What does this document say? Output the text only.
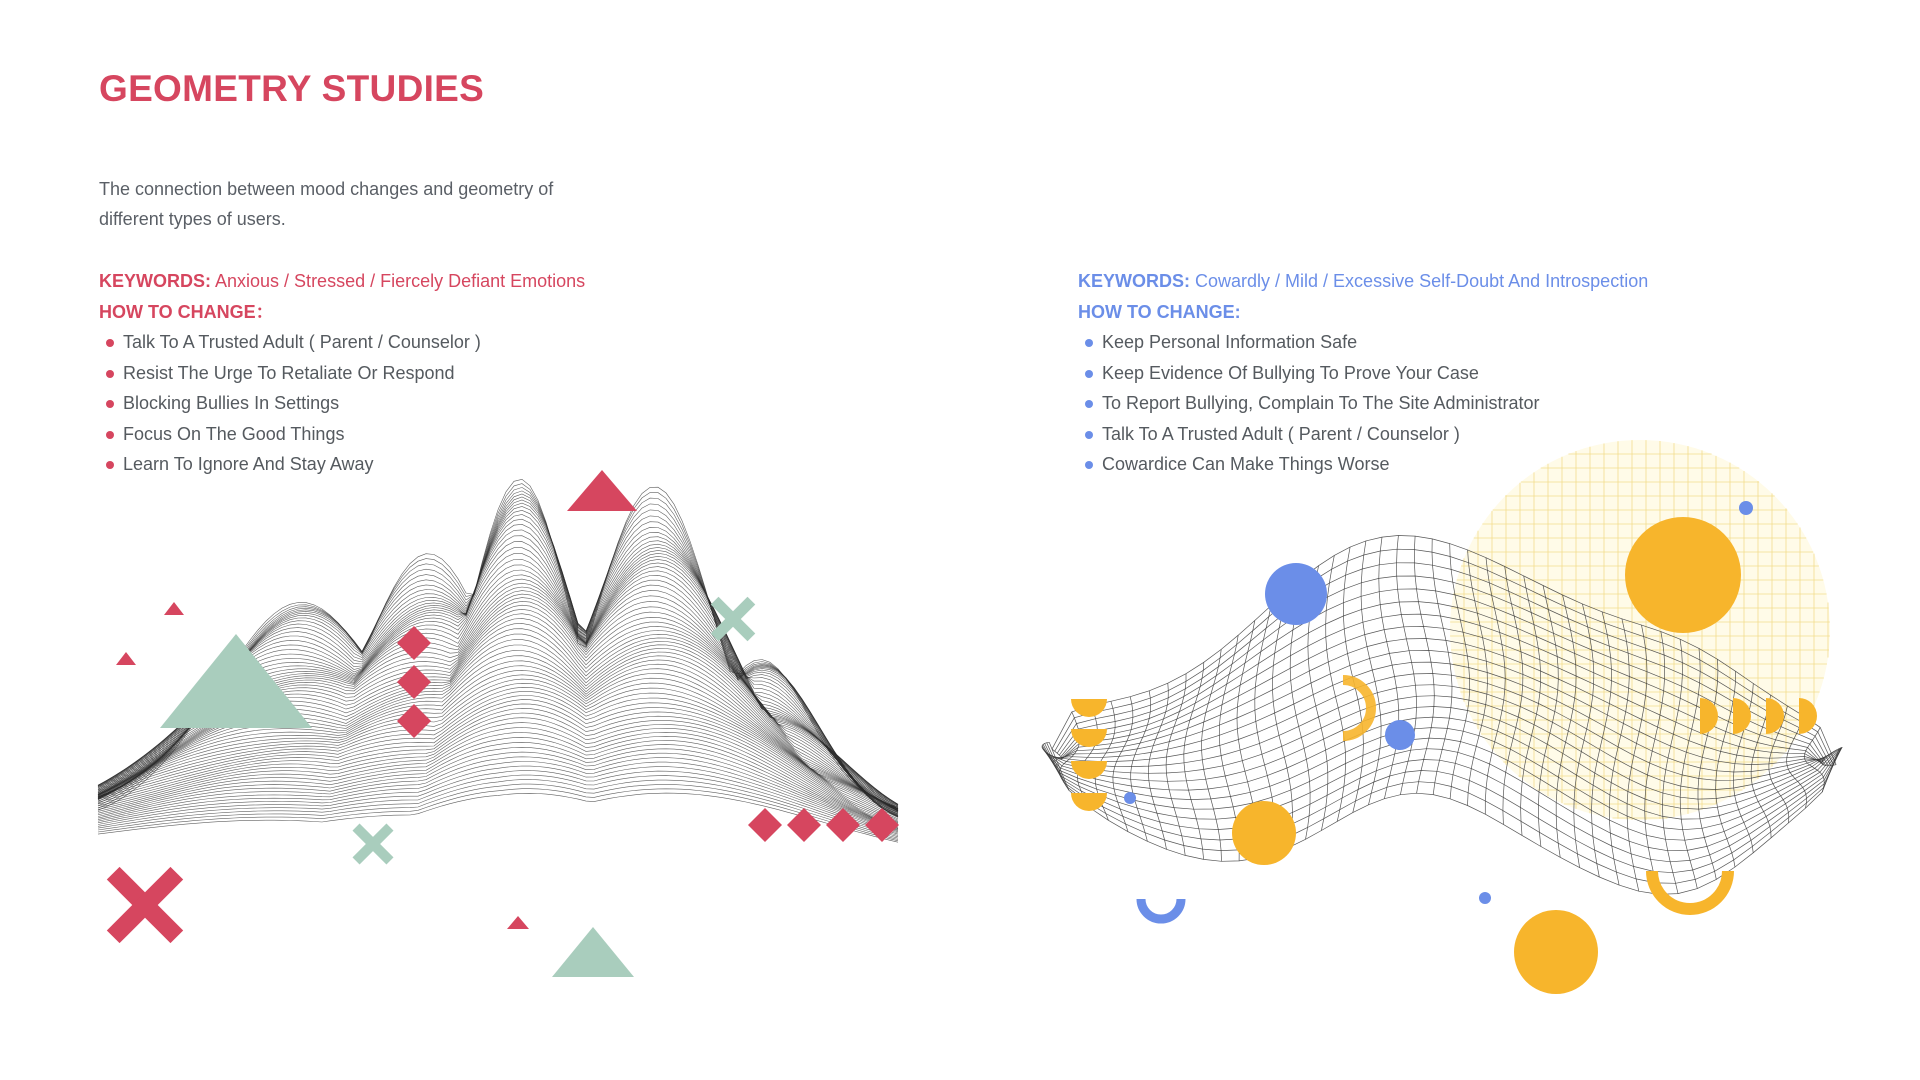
GEOMETRY STUDIES
The connection between mood changes and geometry of different types of users.
KEYWORDS: Anxious / Stressed / Fiercely Defiant Emotions
HOW TO CHANGE：
Talk To A Trusted Adult ( Parent / Counselor )
Resist The Urge To Retaliate Or Respond
Blocking Bullies In Settings
Focus On The Good Things
Learn To Ignore And Stay Away
KEYWORDS: Cowardly / Mild / Excessive Self-Doubt And Introspection
HOW TO CHANGE:
Keep Personal Information Safe
Keep Evidence Of Bullying To Prove Your Case
To Report Bullying, Complain To The Site Administrator
Talk To A Trusted Adult ( Parent / Counselor )
Cowardice Can Make Things Worse
